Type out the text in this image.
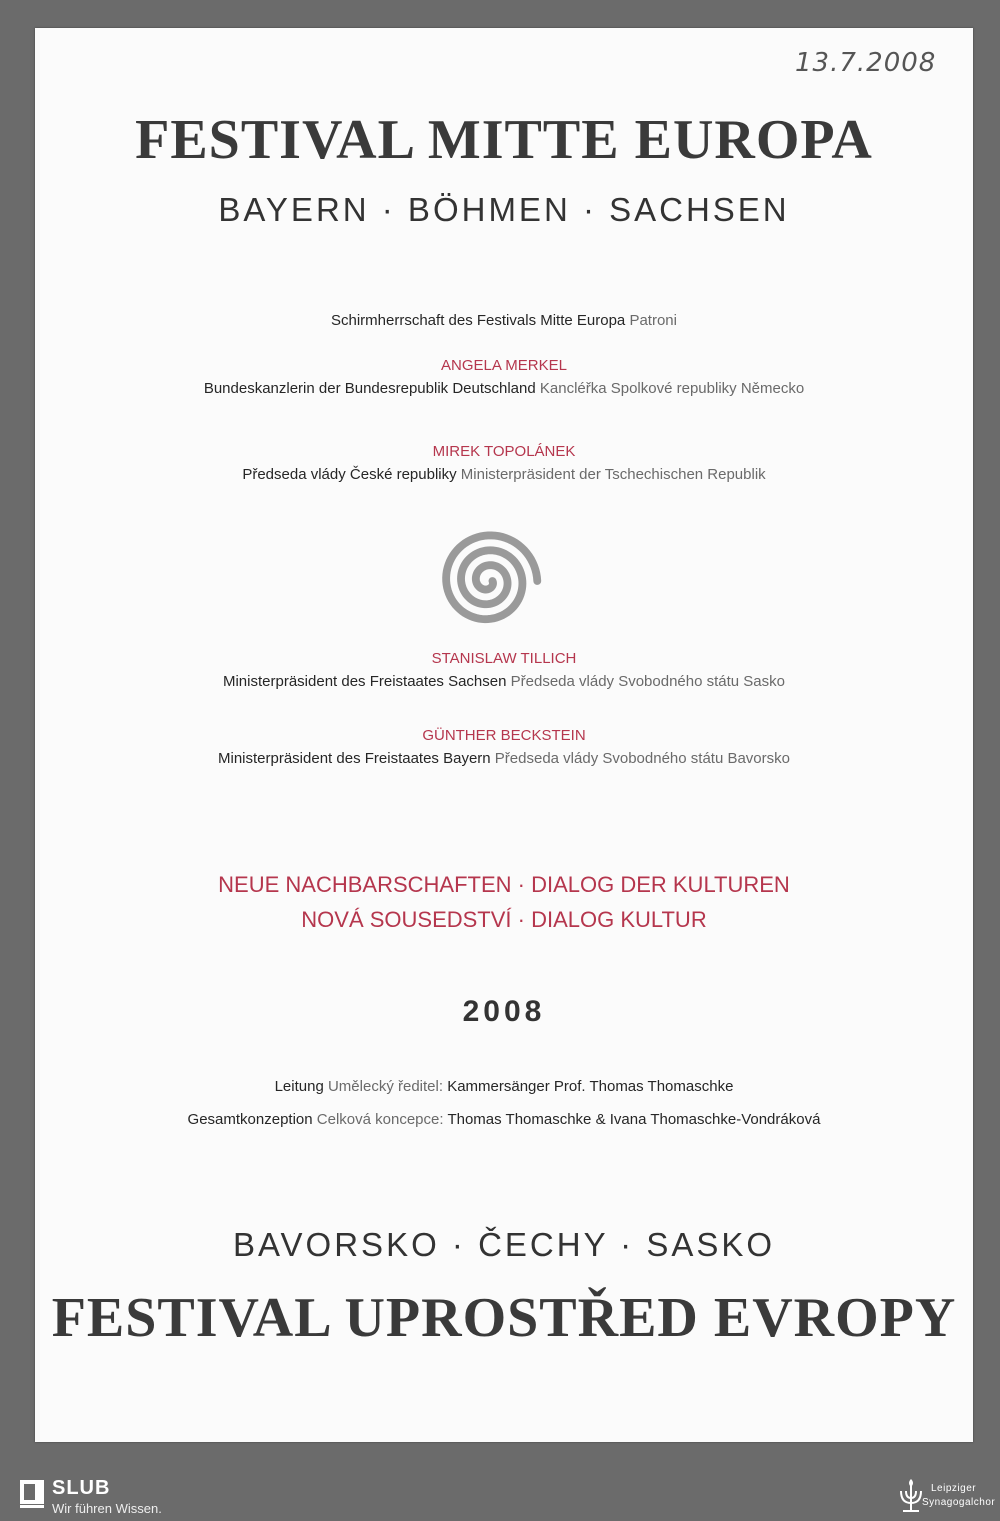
13.7.2008
FESTIVAL MITTE EUROPA
BAYERN · BÖHMEN · SACHSEN
Schirmherrschaft des Festivals Mitte Europa Patroni
ANGELA MERKEL
Bundeskanzlerin der Bundesrepublik Deutschland Kancléřka Spolkové republiky Německo
MIREK TOPOLÁNEK
Předseda vlády České republiky Ministerpräsident der Tschechischen Republik
STANISLAW TILLICH
Ministerpräsident des Freistaates Sachsen Předseda vlády Svobodného státu Sasko
GÜNTHER BECKSTEIN
Ministerpräsident des Freistaates Bayern Předseda vlády Svobodného státu Bavorsko
NEUE NACHBARSCHAFTEN · DIALOG DER KULTUREN
NOVÁ SOUSEDSTVÍ · DIALOG KULTUR
2008
Leitung Umělecký ředitel: Kammersänger Prof. Thomas Thomaschke
Gesamtkonzeption Celková koncepce: Thomas Thomaschke & Ivana Thomaschke-Vondráková
BAVORSKO · ČECHY · SASKO
FESTIVAL UPROSTŘED EVROPY
SLUB
Wir führen Wissen.
Leipziger
Synagogalchor
